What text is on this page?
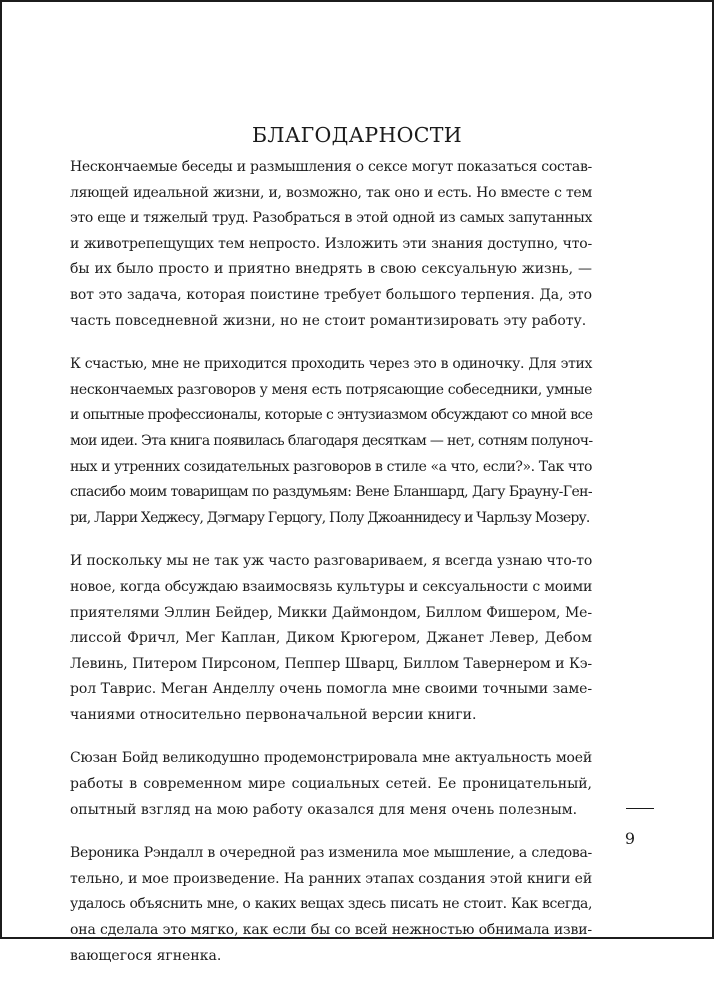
БЛАГОДАРНОСТИ

Нескончаемые беседы и размышления о сексе могут показаться состав-
ляющей идеальной жизни, и, возможно, так оно и есть. Но вместе с тем
это еще и тяжелый труд. Разобраться в этой одной из самых запутанных
и животрепещущих тем непросто. Изложить эти знания доступно, что-
бы их было просто и приятно внедрять в свою сексуальную жизнь, —
вот это задача, которая поистине требует большого терпения. Да, это
часть повседневной жизни, но не стоит романтизировать эту работу.

К счастью, мне не приходится проходить через это в одиночку. Для этих
нескончаемых разговоров у меня есть потрясающие собеседники, умные
и опытные профессионалы, которые с энтузиазмом обсуждают со мной все
мои идеи. Эта книга появилась благодаря десяткам — нет, сотням полуноч-
ных и утренних созидательных разговоров в стиле «а что, если?». Так что
спасибо моим товарищам по раздумьям: Вене Бланшард, Дагу Брауну-Ген-
ри, Ларри Хеджесу, Дэгмару Герцогу, Полу Джоаннидесу и Чарльзу Мозеру.

И поскольку мы не так уж часто разговариваем, я всегда узнаю что-то
новое, когда обсуждаю взаимосвязь культуры и сексуальности с моими
приятелями Эллин Бейдер, Микки Даймондом, Биллом Фишером, Ме-
лиссой Фричл, Мег Каплан, Диком Крюгером, Джанет Левер, Дебом
Левинь, Питером Пирсоном, Пеппер Шварц, Биллом Тавернером и Кэ-
рол Таврис. Меган Анделлу очень помогла мне своими точными заме-
чаниями относительно первоначальной версии книги.

Сюзан Бойд великодушно продемонстрировала мне актуальность моей
работы в современном мире социальных сетей. Ее проницательный,
опытный взгляд на мою работу оказался для меня очень полезным.

Вероника Рэндалл в очередной раз изменила мое мышление, а следова-
тельно, и мое произведение. На ранних этапах создания этой книги ей
удалось объяснить мне, о каких вещах здесь писать не стоит. Как всегда,
она сделала это мягко, как если бы со всей нежностью обнимала изви-
вающегося ягненка.

9
